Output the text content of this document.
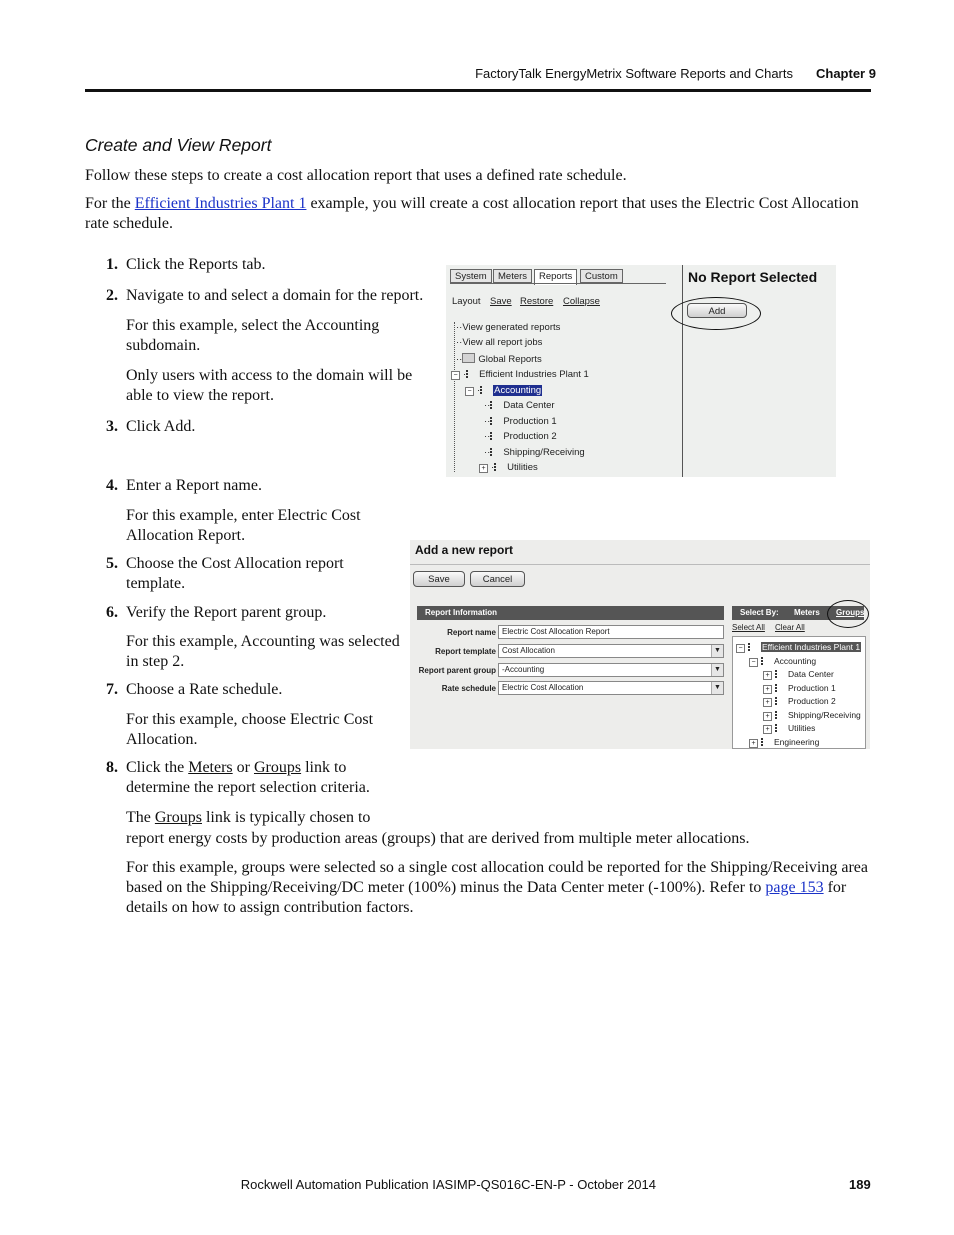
FactoryTalk EnergyMetrix Software Reports and Charts Chapter 9
Create and View Report
Follow these steps to create a cost allocation report that uses a defined rate schedule.
For the Efficient Industries Plant 1 example, you will create a cost allocation report that uses the Electric Cost Allocation rate schedule.
1. Click the Reports tab.
2. Navigate to and select a domain for the report.
For this example, select the Accounting subdomain.
Only users with access to the domain will be able to view the report.
3. Click Add.
4. Enter a Report name.
For this example, enter Electric Cost Allocation Report.
5. Choose the Cost Allocation report template.
6. Verify the Report parent group.
For this example, Accounting was selected in step 2.
7. Choose a Rate schedule.
For this example, choose Electric Cost Allocation.
8. Click the Meters or Groups link to determine the report selection criteria.
The Groups link is typically chosen to
report energy costs by production areas (groups) that are derived from multiple meter allocations.
For this example, groups were selected so a single cost allocation could be reported for the Shipping/Receiving area based on the Shipping/Receiving/DC meter (100%) minus the Data Center meter (-100%). Refer to page 153 for details on how to assign contribution factors.
System	Meters	Reports	Custom
Layout Save Restore Collapse
··View generated reports
··View all report jobs
·· Global Reports
− · Efficient Industries Plant 1
− · Accounting
·· Data Center
·· Production 1
·· Production 2
·· Shipping/Receiving
+ · Utilities
No Report Selected
Add
Add a new report
Save	Cancel
Report Information
Report name Electric Cost Allocation Report
Report template Cost Allocation	▼
Report parent group -Accounting	▼
Rate schedule Electric Cost Allocation	▼
Select By: Meters Groups
Select All Clear All
− Efficient Industries Plant 1
− Accounting
+ Data Center
+ Production 1
+ Production 2
+ Shipping/Receiving
+ Utilities
+ Engineering
Rockwell Automation Publication IASIMP-QS016C-EN-P - October 2014	189
